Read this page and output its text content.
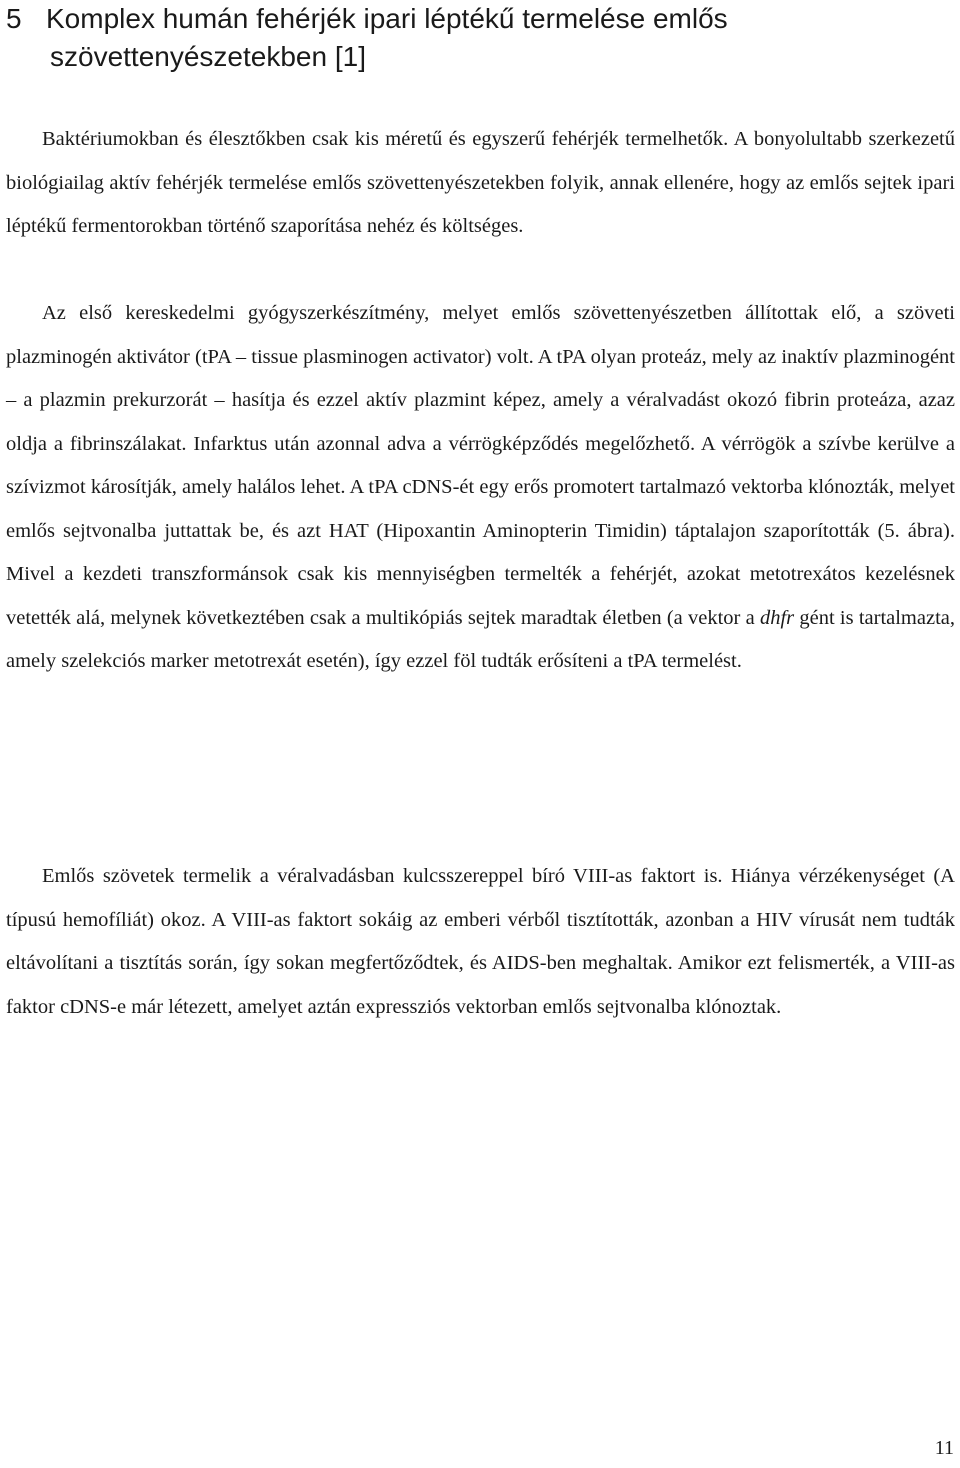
5 Komplex humán fehérjék ipari léptékű termelése emlős
szövettenyészetekben [1]

Baktériumokban és élesztőkben csak kis méretű és egyszerű fehérjék termelhetők. A bonyolultabb szerkezetű biológiailag aktív fehérjék termelése emlős szövettenyészetekben folyik, annak ellenére, hogy az emlős sejtek ipari léptékű fermentorokban történő szaporítása nehéz és költséges.

Az első kereskedelmi gyógyszerkészítmény, melyet emlős szövettenyészetben állítottak elő, a szöveti plazminogén aktivátor (tPA – tissue plasminogen activator) volt. A tPA olyan proteáz, mely az inaktív plazminogént – a plazmin prekurzorát – hasítja és ezzel aktív plazmint képez, amely a véralvadást okozó fibrin proteáza, azaz oldja a fibrinszálakat. Infarktus után azonnal adva a vérrögképződés megelőzhető. A vérrögök a szívbe kerülve a szívizmot károsítják, amely halálos lehet. A tPA cDNS-ét egy erős promotert tartalmazó vektorba klónozták, melyet emlős sejtvonalba juttattak be, és azt HAT (Hipoxantin Aminopterin Timidin) táptalajon szaporították (5. ábra). Mivel a kezdeti transzformánsok csak kis mennyiségben termelték a fehérjét, azokat metotrexátos kezelésnek vetették alá, melynek következtében csak a multikópiás sejtek maradtak életben (a vektor a dhfr gént is tartalmazta, amely szelekciós marker metotrexát esetén), így ezzel föl tudták erősíteni a tPA termelést.

Emlős szövetek termelik a véralvadásban kulcsszereppel bíró VIII-as faktort is. Hiánya vérzékenységet (A típusú hemofíliát) okoz. A VIII-as faktort sokáig az emberi vérből tisztították, azonban a HIV vírusát nem tudták eltávolítani a tisztítás során, így sokan megfertőződtek, és AIDS-ben meghaltak. Amikor ezt felismerték, a VIII-as faktor cDNS-e már létezett, amelyet aztán expressziós vektorban emlős sejtvonalba klónoztak.

11
